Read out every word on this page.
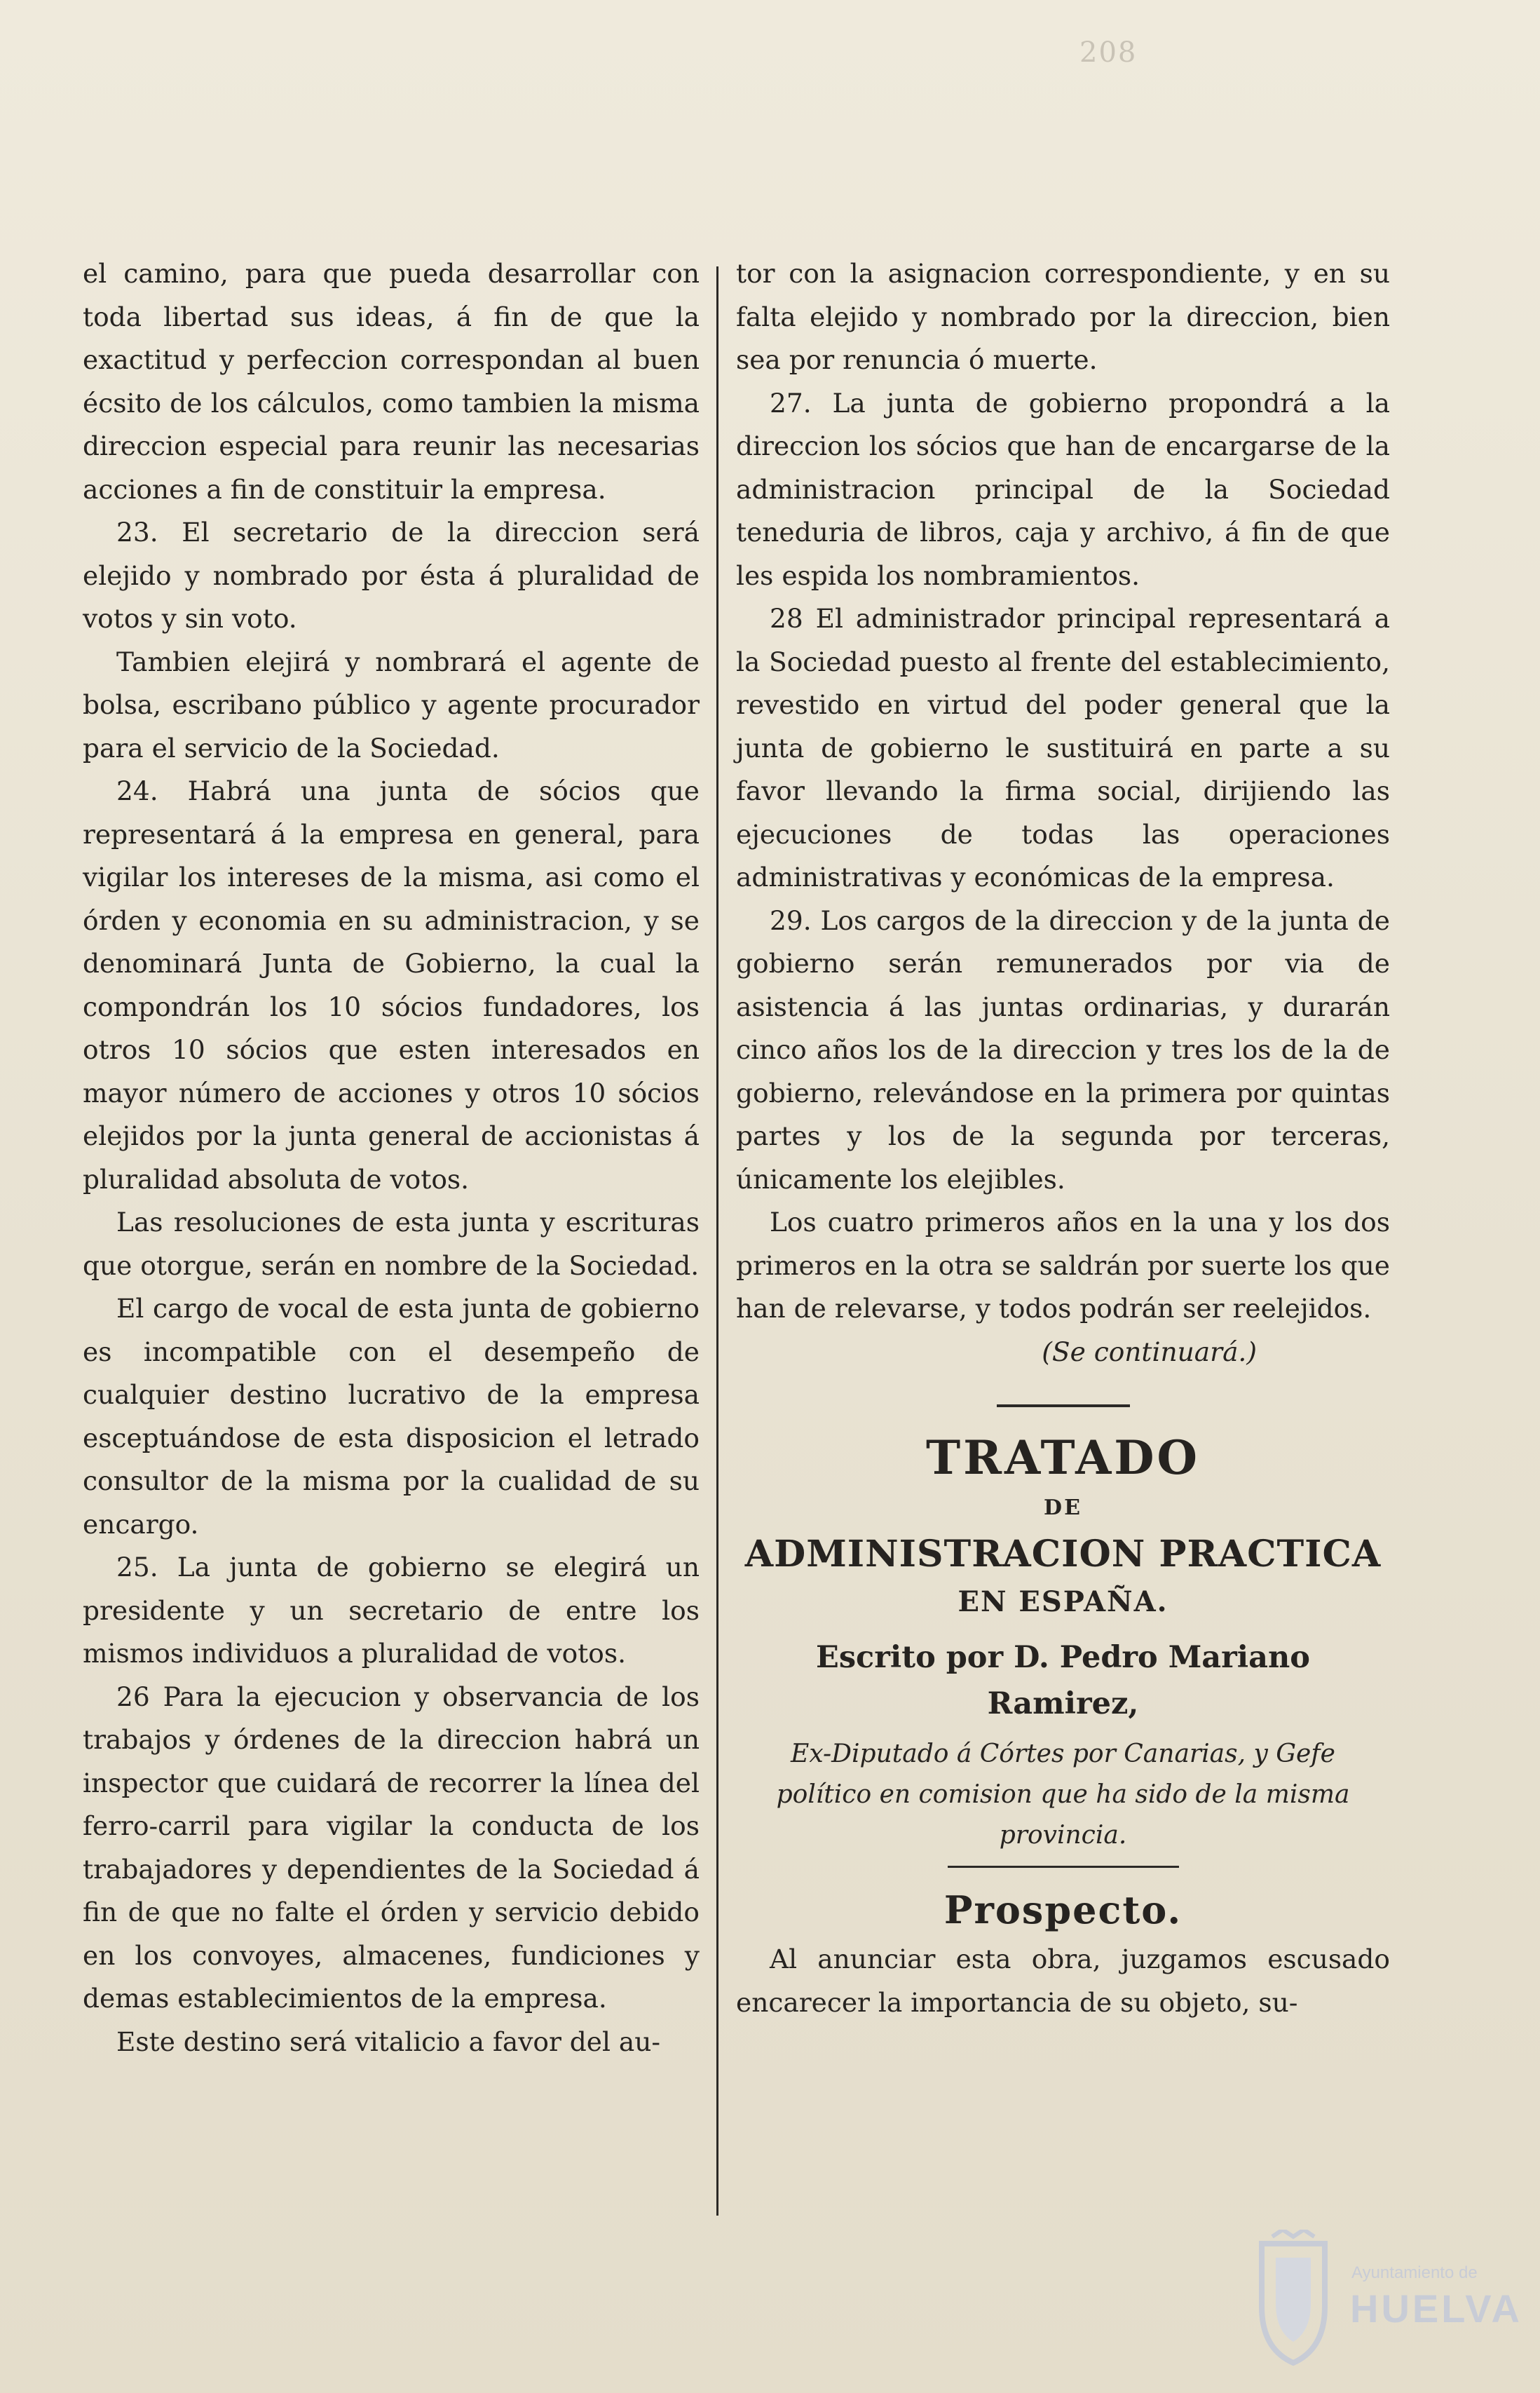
208

el camino, para que pueda desarrollar con toda libertad sus ideas, á fin de que la exactitud y perfeccion correspondan al buen écsito de los cálculos, como tambien la misma direccion especial para reunir las necesarias acciones a fin de constituir la empresa.

23. El secretario de la direccion será elejido y nombrado por ésta á pluralidad de votos y sin voto.

Tambien elejirá y nombrará el agente de bolsa, escribano público y agente procurador para el servicio de la Sociedad.

24. Habrá una junta de sócios que representará á la empresa en general, para vigilar los intereses de la misma, asi como el órden y economia en su administracion, y se denominará Junta de Gobierno, la cual la compondrán los 10 sócios fundadores, los otros 10 sócios que esten interesados en mayor número de acciones y otros 10 sócios elejidos por la junta general de accionistas á pluralidad absoluta de votos.

Las resoluciones de esta junta y escrituras que otorgue, serán en nombre de la Sociedad.

El cargo de vocal de esta junta de gobierno es incompatible con el desempeño de cualquier destino lucrativo de la empresa esceptuándose de esta disposicion el letrado consultor de la misma por la cualidad de su encargo.

25. La junta de gobierno se elegirá un presidente y un secretario de entre los mismos individuos a pluralidad de votos.

26 Para la ejecucion y observancia de los trabajos y órdenes de la direccion habrá un inspector que cuidará de recorrer la línea del ferro-carril para vigilar la conducta de los trabajadores y dependientes de la Sociedad á fin de que no falte el órden y servicio debido en los convoyes, almacenes, fundiciones y demas establecimientos de la empresa.

Este destino será vitalicio a favor del au-

tor con la asignacion correspondiente, y en su falta elejido y nombrado por la direccion, bien sea por renuncia ó muerte.

27. La junta de gobierno propondrá a la direccion los sócios que han de encargarse de la administracion principal de la Sociedad teneduria de libros, caja y archivo, á fin de que les espida los nombramientos.

28 El administrador principal representará a la Sociedad puesto al frente del establecimiento, revestido en virtud del poder general que la junta de gobierno le sustituirá en parte a su favor llevando la firma social, dirijiendo las ejecuciones de todas las operaciones administrativas y económicas de la empresa.

29. Los cargos de la direccion y de la junta de gobierno serán remunerados por via de asistencia á las juntas ordinarias, y durarán cinco años los de la direccion y tres los de la de gobierno, relevándose en la primera por quintas partes y los de la segunda por terceras, únicamente los elejibles.

Los cuatro primeros años en la una y los dos primeros en la otra se saldrán por suerte los que han de relevarse, y todos podrán ser reelejidos.

(Se continuará.)

TRATADO
DE
ADMINISTRACION PRACTICA
EN ESPAÑA.
Escrito por D. Pedro Mariano Ramirez,
Ex-Diputado á Córtes por Canarias, y Gefe político en comision que ha sido de la misma provincia.
Prospecto.

Al anunciar esta obra, juzgamos escusado encarecer la importancia de su objeto, su-

Ayuntamiento de
HUELVA
